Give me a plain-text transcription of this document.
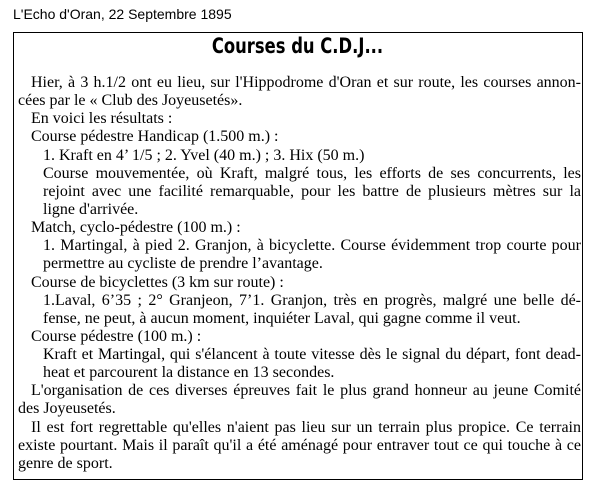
L'Echo d'Oran, 22 Septembre 1895
Courses du C.D.J...
Hier, à 3 h.1/2 ont eu lieu, sur l'Hippodrome d'Oran et sur route, les courses annon-
cées par le « Club des Joyeusetés».
En voici les résultats :
Course pédestre Handicap (1.500 m.) :
1. Kraft en 4’ 1/5 ; 2. Yvel (40 m.) ; 3. Hix (50 m.)
Course mouvementée, où Kraft, malgré tous, les efforts de ses concurrents, les
rejoint avec une facilité remarquable, pour les battre de plusieurs mètres sur la
ligne d'arrivée.
Match, cyclo-pédestre (100 m.) :
1. Martingal, à pied 2. Granjon, à bicyclette. Course évidemment trop courte pour
permettre au cycliste de prendre l’avantage.
Course de bicyclettes (3 km sur route) :
1.Laval, 6’35 ; 2° Granjeon, 7’1. Granjon, très en progrès, malgré une belle dé-
fense, ne peut, à aucun moment, inquiéter Laval, qui gagne comme il veut.
Course pédestre (100 m.) :
Kraft et Martingal, qui s'élancent à toute vitesse dès le signal du départ, font dead-
heat et parcourent la distance en 13 secondes.
L'organisation de ces diverses épreuves fait le plus grand honneur au jeune Comité
des Joyeusetés.
Il est fort regrettable qu'elles n'aient pas lieu sur un terrain plus propice. Ce terrain
existe pourtant. Mais il paraît qu'il a été aménagé pour entraver tout ce qui touche à ce
genre de sport.
